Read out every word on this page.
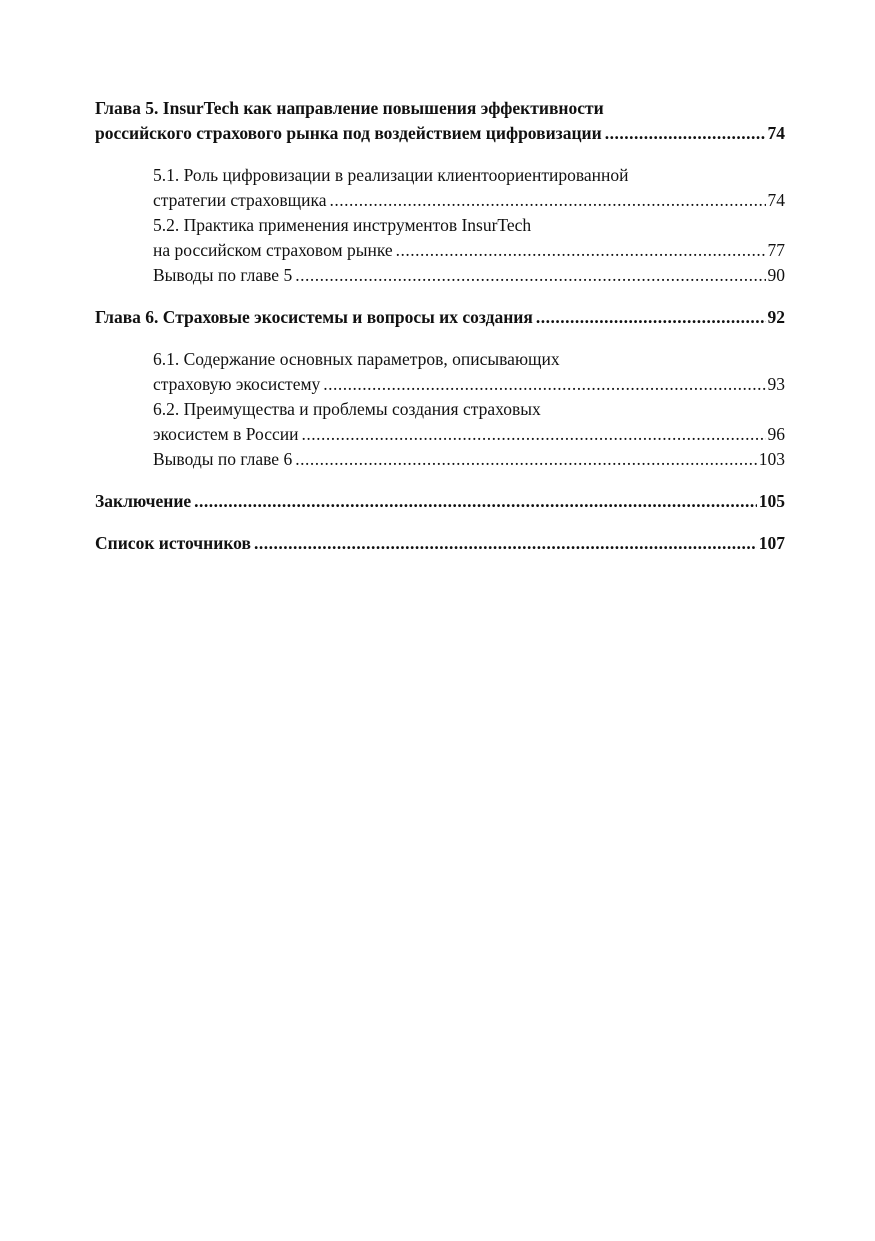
Глава 5. InsurTech как направление повышения эффективности
российского страхового рынка под воздействием цифровизации .....	74
5.1. Роль цифровизации в реализации клиентоориентированной
стратегии страховщика .....	74
5.2. Практика применения инструментов InsurTech
на российском страховом рынке .....	77
Выводы по главе 5 .....	90
Глава 6. Страховые экосистемы и вопросы их создания .....	92
6.1. Содержание основных параметров, описывающих
страховую экосистему .....	93
6.2. Преимущества и проблемы создания страховых
экосистем в России .....	96
Выводы по главе 6 .....	103
Заключение .....	105
Список источников .....	107
